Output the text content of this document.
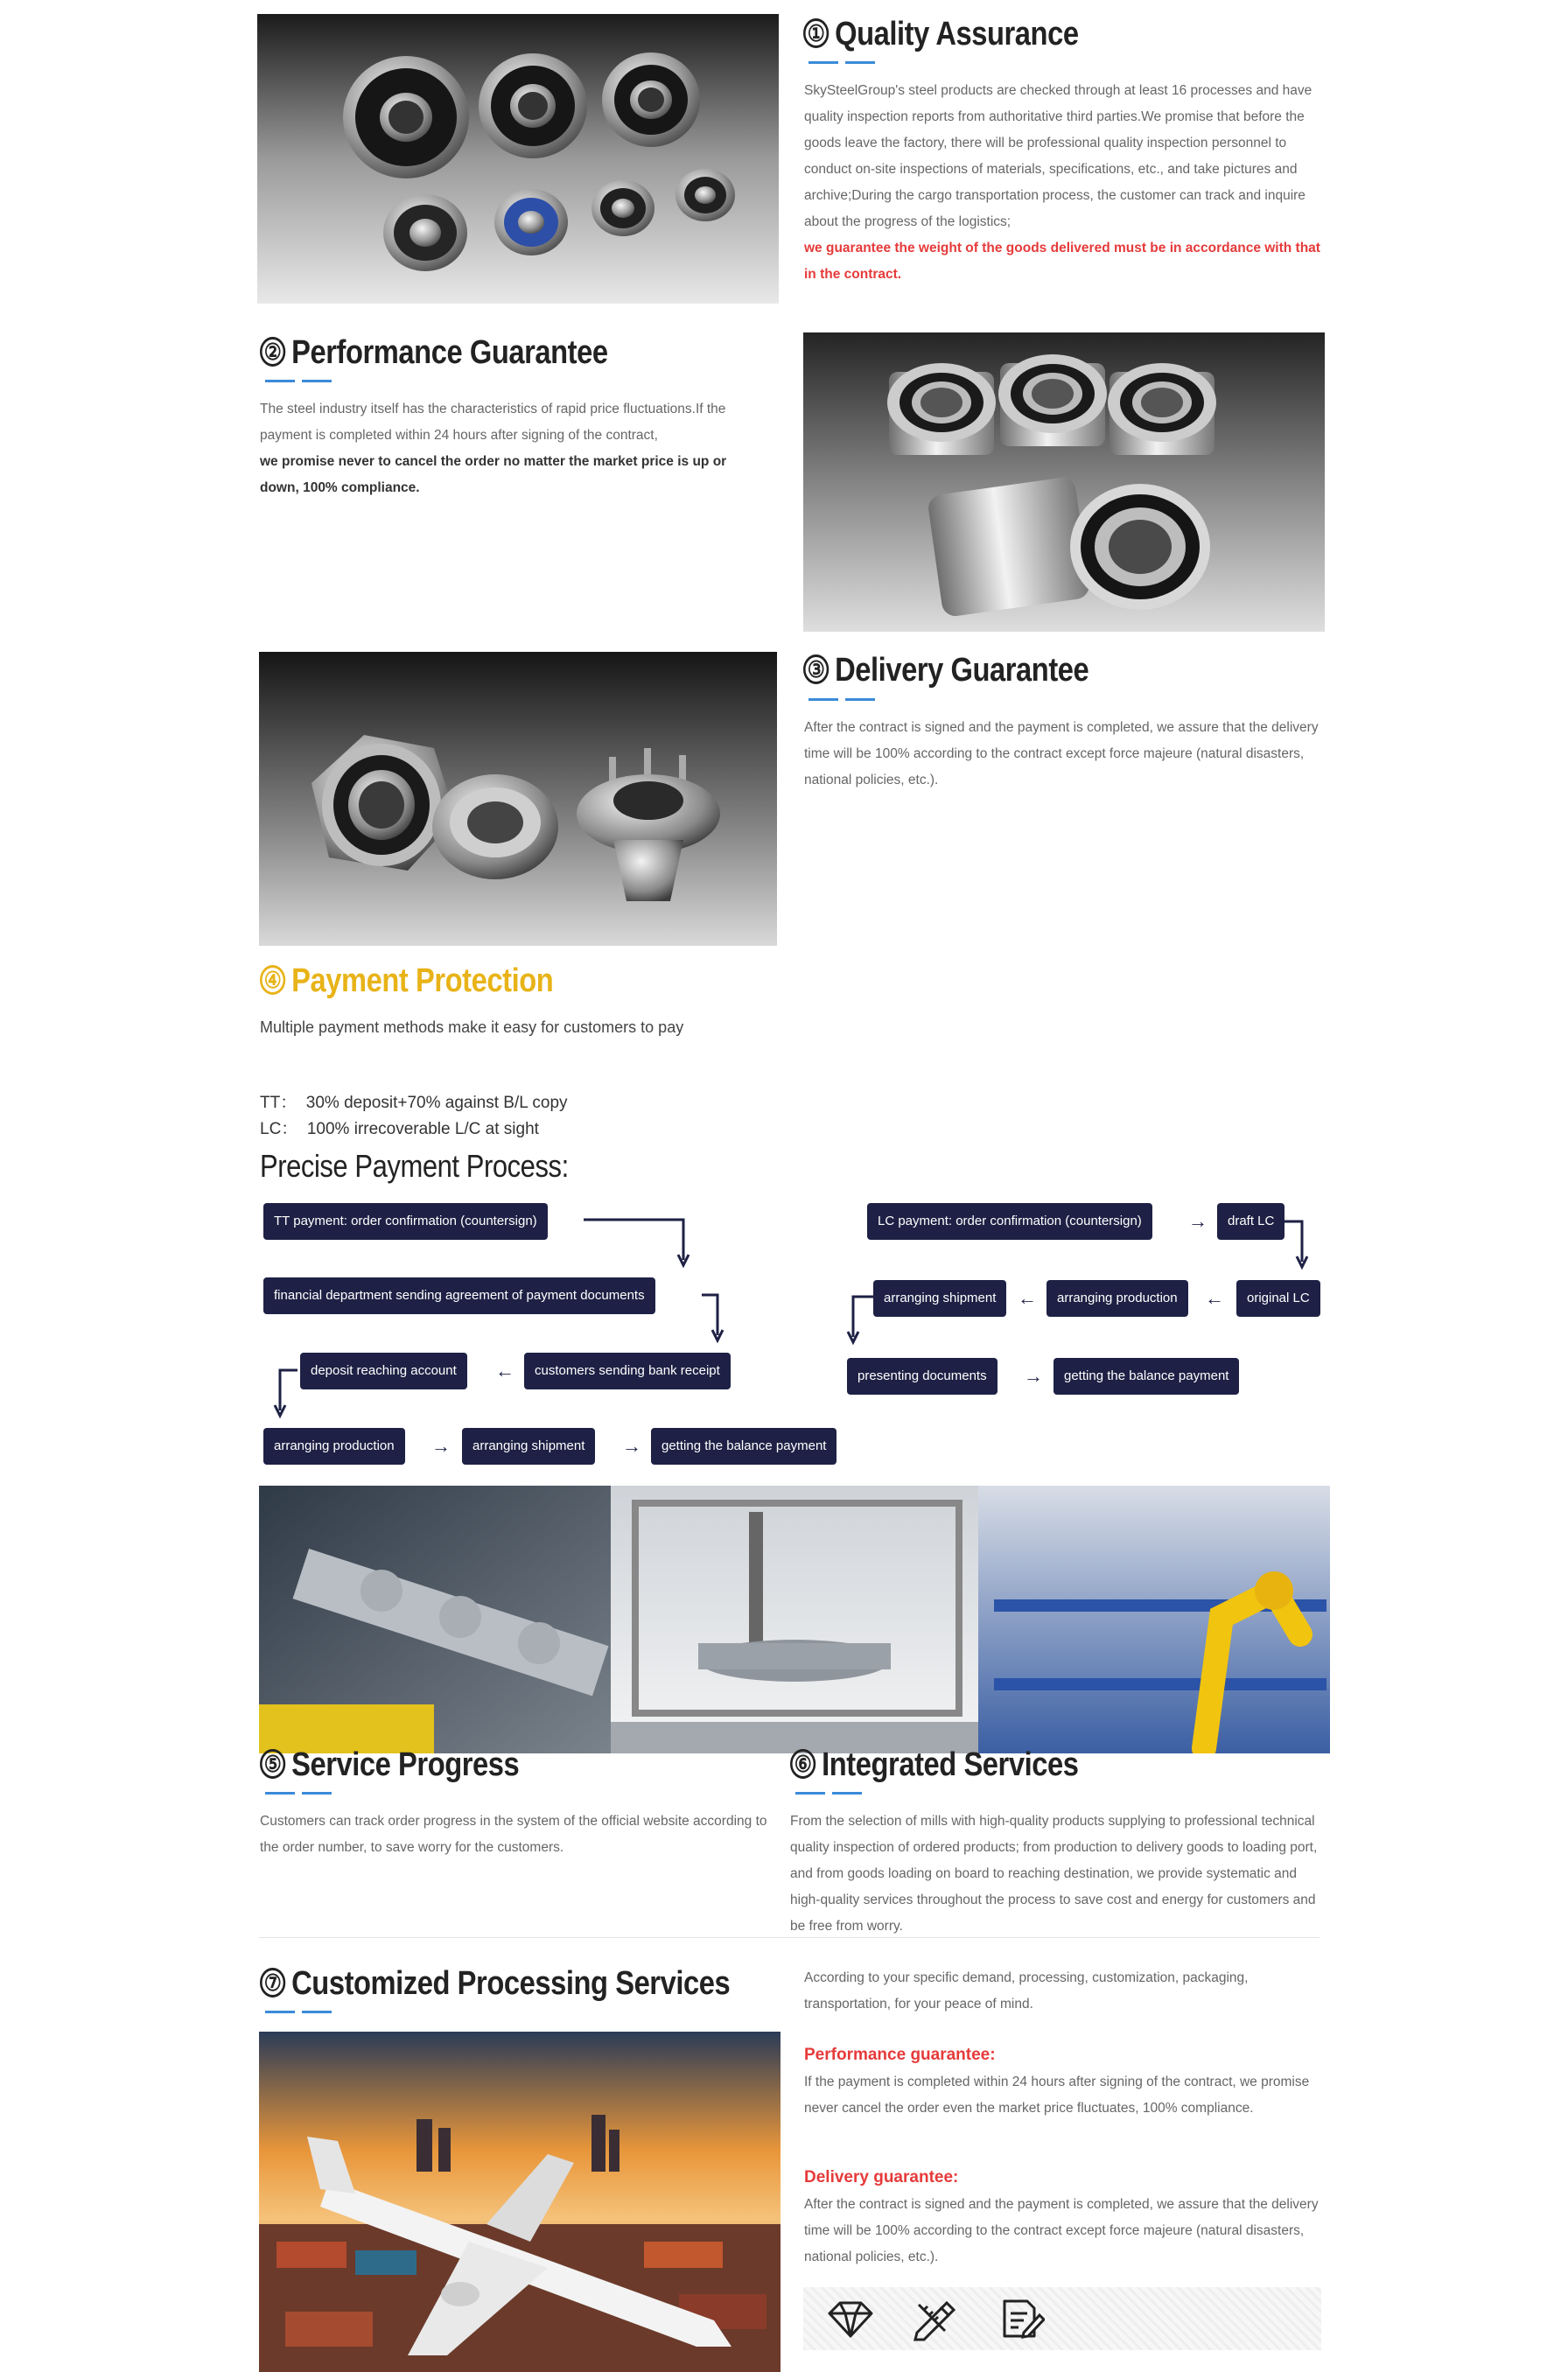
① Quality Assurance
SkySteelGroup's steel products are checked through at least 16 processes and have quality inspection reports from authoritative third parties.We promise that before the goods leave the factory, there will be professional quality inspection personnel to conduct on-site inspections of materials, specifications, etc., and take pictures and archive;During the cargo transportation process, the customer can track and inquire about the progress of the logistics;
we guarantee the weight of the goods delivered must be in accordance with that in the contract.
② Performance Guarantee
The steel industry itself has the characteristics of rapid price fluctuations.If the payment is completed within 24 hours after signing of the contract,
we promise never to cancel the order no matter the market price is up or down, 100% compliance.
③ Delivery Guarantee
After the contract is signed and the payment is completed, we assure that the delivery time will be 100% according to the contract except force majeure (natural disasters, national policies, etc.).
④ Payment Protection
Multiple payment methods make it easy for customers to pay
TT：  30% deposit+70% against B/L copy
LC：  100% irrecoverable L/C at sight
Precise Payment Process:
TT payment: order confirmation (countersign)
financial department sending agreement of payment documents
customers sending bank receipt
←
deposit reaching account
arranging production	→	arranging shipment	→	getting the balance payment
LC payment: order confirmation (countersign)	→	draft LC
original LC
←
arranging production
←
arranging shipment
presenting documents	→	getting the balance payment
⑤ Service Progress
Customers can track order progress in the system of the official website according to the order number, to save worry for the customers.
⑥ Integrated Services
From the selection of mills with high-quality products supplying to professional technical quality inspection of ordered products; from production to delivery goods to loading port, and from goods loading on board to reaching destination, we provide systematic and high-quality services throughout the process to save cost and energy for customers and be free from worry.
⑦ Customized Processing Services	According to your specific demand, processing, customization, packaging, transportation, for your peace of mind.
Performance guarantee:
If the payment is completed within 24 hours after signing of the contract, we promise never cancel the order even the market price fluctuates, 100% compliance.
Delivery guarantee:
After the contract is signed and the payment is completed, we assure that the delivery time will be 100% according to the contract except force majeure (natural disasters, national policies, etc.).
